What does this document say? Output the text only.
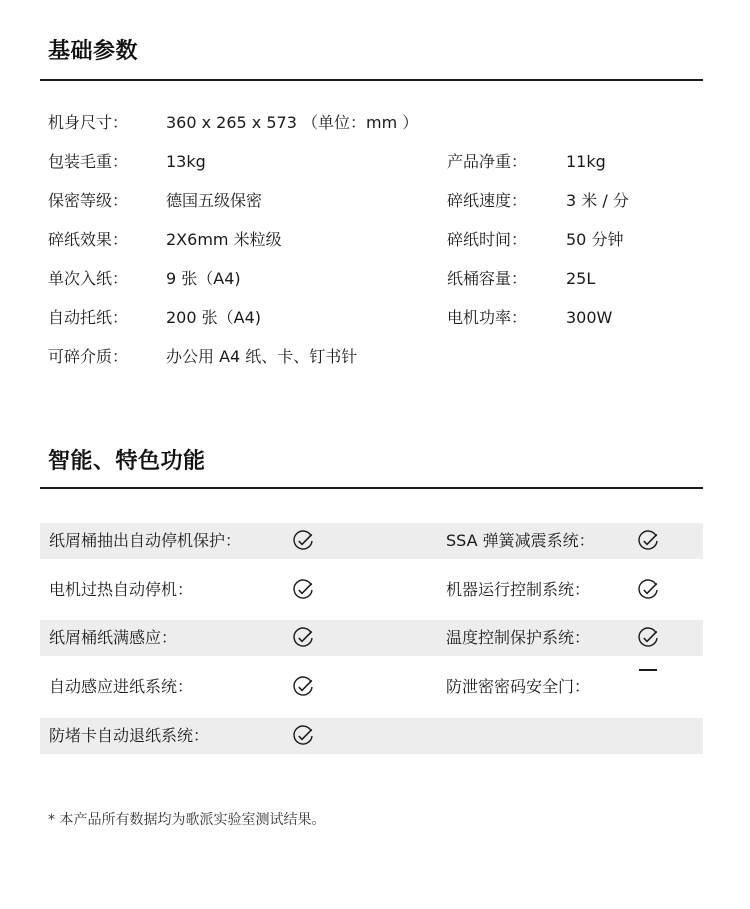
基础参数
机身尺寸： 360 x 265 x 573 （单位：mm ）
包装毛重： 13kg	产品净重： 11kg
保密等级： 德国五级保密	碎纸速度： 3 米 / 分
碎纸效果： 2X6mm 米粒级	碎纸时间： 50 分钟
单次入纸： 9 张（A4)	纸桶容量： 25L
自动托纸： 200 张（A4)	电机功率： 300W
可碎介质： 办公用 A4 纸、卡、钉书针
智能、特色功能
纸屑桶抽出自动停机保护：	SSA 弹簧减震系统：
电机过热自动停机：	机器运行控制系统：
纸屑桶纸满感应：	温度控制保护系统：
自动感应进纸系统：	防泄密密码安全门：
防堵卡自动退纸系统：
* 本产品所有数据均为歌派实验室测试结果。
